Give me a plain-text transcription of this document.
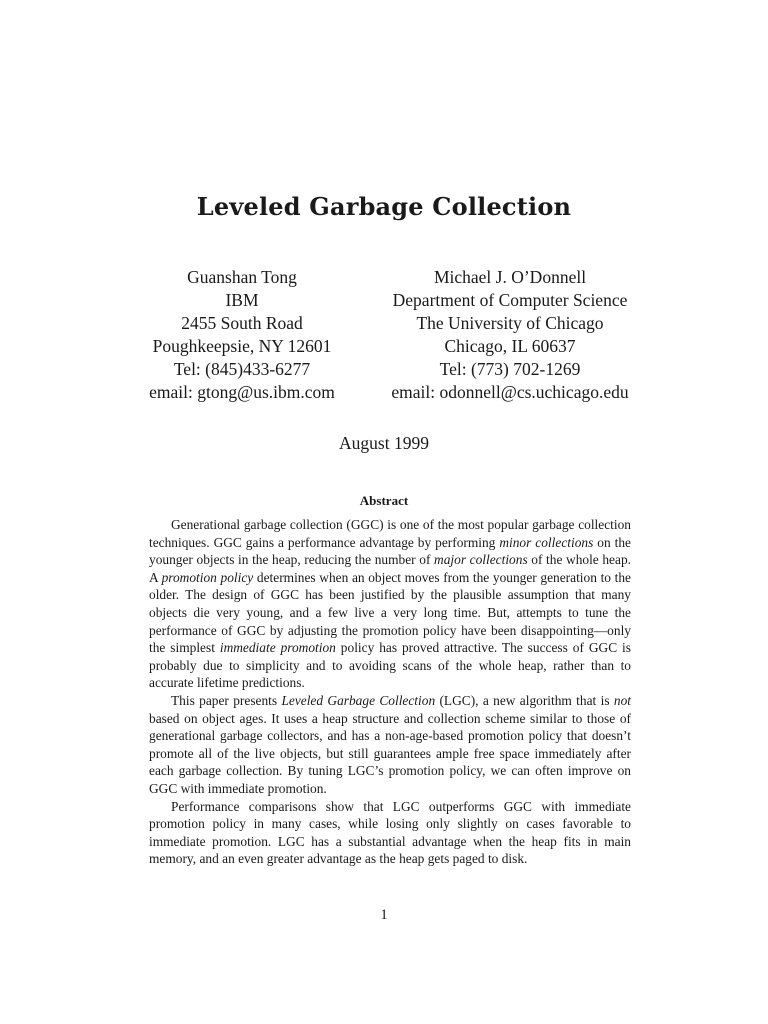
Leveled Garbage Collection
Guanshan Tong
IBM
2455 South Road
Poughkeepsie, NY 12601
Tel: (845)433-6277
email: gtong@us.ibm.com
Michael J. O’Donnell
Department of Computer Science
The University of Chicago
Chicago, IL 60637
Tel: (773) 702-1269
email: odonnell@cs.uchicago.edu
August 1999
Abstract

Generational garbage collection (GGC) is one of the most popular garbage collection techniques. GGC gains a performance advantage by performing minor collections on the younger objects in the heap, reducing the number of major collections of the whole heap. A promotion policy determines when an object moves from the younger generation to the older. The design of GGC has been justified by the plausible assumption that many objects die very young, and a few live a very long time. But, attempts to tune the performance of GGC by adjusting the promotion policy have been disappointing—only the simplest immediate promotion policy has proved attractive. The success of GGC is probably due to simplicity and to avoiding scans of the whole heap, rather than to accurate lifetime predictions.

This paper presents Leveled Garbage Collection (LGC), a new algorithm that is not based on object ages. It uses a heap structure and collection scheme similar to those of generational garbage collectors, and has a non-age-based promotion policy that doesn’t promote all of the live objects, but still guarantees ample free space immediately after each garbage collection. By tuning LGC’s promotion policy, we can often improve on GGC with immediate promotion.

Performance comparisons show that LGC outperforms GGC with immediate promotion policy in many cases, while losing only slightly on cases favorable to immediate promotion. LGC has a substantial advantage when the heap fits in main memory, and an even greater advantage as the heap gets paged to disk.

1
